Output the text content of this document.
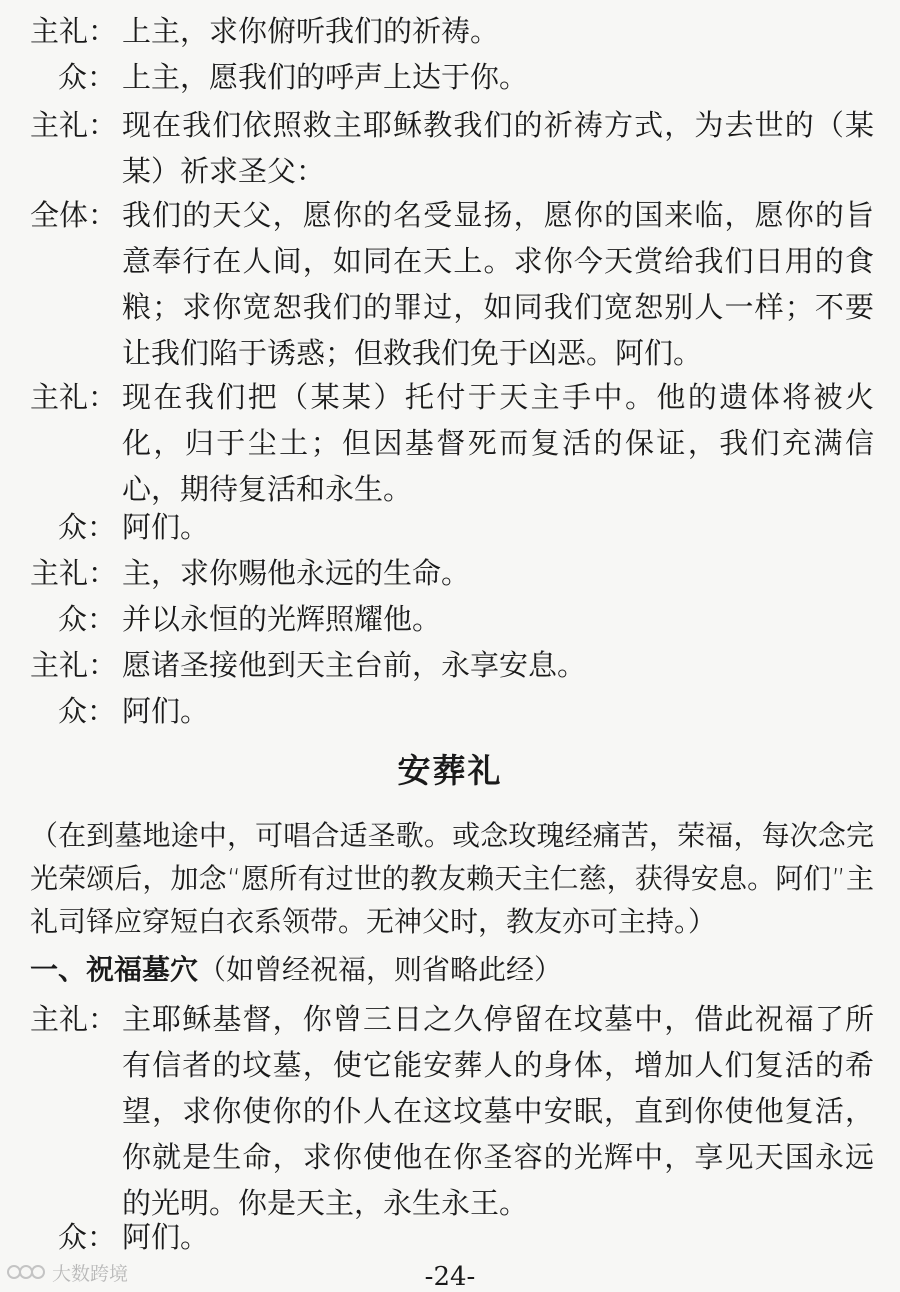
主礼： 上主，求你俯听我们的祈祷。
众： 上主，愿我们的呼声上达于你。
主礼： 现在我们依照救主耶稣教我们的祈祷方式，为去世的（某某）祈求圣父：
全体： 我们的天父，愿你的名受显扬，愿你的国来临，愿你的旨意奉行在人间，如同在天上。求你今天赏给我们日用的食粮；求你宽恕我们的罪过，如同我们宽恕别人一样；不要让我们陷于诱惑；但救我们免于凶恶。阿们。
主礼： 现在我们把（某某）托付于天主手中。他的遗体将被火化，归于尘土；但因基督死而复活的保证，我们充满信心，期待复活和永生。
众： 阿们。
主礼： 主，求你赐他永远的生命。
众： 并以永恒的光辉照耀他。
主礼： 愿诸圣接他到天主台前，永享安息。
众： 阿们。
安葬礼
（在到墓地途中，可唱合适圣歌。或念玫瑰经痛苦，荣福，每次念完光荣颂后，加念“愿所有过世的教友赖天主仁慈，获得安息。阿们”主礼司铎应穿短白衣系领带。无神父时，教友亦可主持。）
一、祝福墓穴（如曾经祝福，则省略此经）
主礼： 主耶稣基督，你曾三日之久停留在坟墓中，借此祝福了所有信者的坟墓，使它能安葬人的身体，增加人们复活的希望，求你使你的仆人在这坟墓中安眠，直到你使他复活，你就是生命，求你使他在你圣容的光辉中，享见天国永远的光明。你是天主，永生永王。
众： 阿们。
-24-
大数跨境
